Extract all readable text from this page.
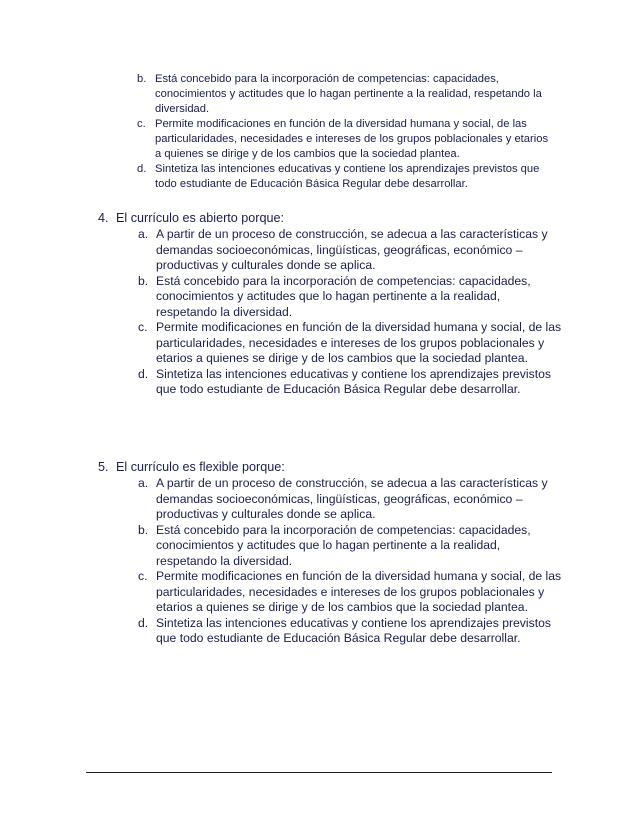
b. Está concebido para la incorporación de competencias: capacidades, conocimientos y actitudes que lo hagan pertinente a la realidad, respetando la diversidad.
c. Permite modificaciones en función de la diversidad humana y social, de las particularidades, necesidades e intereses de los grupos poblacionales y etarios a quienes se dirige y de los cambios que la sociedad plantea.
d. Sintetiza las intenciones educativas y contiene los aprendizajes previstos que todo estudiante de Educación Básica Regular debe desarrollar.
4. El currículo es abierto porque:
a. A partir de un proceso de construcción, se adecua a las características y demandas socioeconómicas, lingüísticas, geográficas, económico – productivas y culturales donde se aplica.
b. Está concebido para la incorporación de competencias: capacidades, conocimientos y actitudes que lo hagan pertinente a la realidad, respetando la diversidad.
c. Permite modificaciones en función de la diversidad humana y social, de las particularidades, necesidades e intereses de los grupos poblacionales y etarios a quienes se dirige y de los cambios que la sociedad plantea.
d. Sintetiza las intenciones educativas y contiene los aprendizajes previstos que todo estudiante de Educación Básica Regular debe desarrollar.
5. El currículo es flexible porque:
a. A partir de un proceso de construcción, se adecua a las características y demandas socioeconómicas, lingüísticas, geográficas, económico – productivas y culturales donde se aplica.
b. Está concebido para la incorporación de competencias: capacidades, conocimientos y actitudes que lo hagan pertinente a la realidad, respetando la diversidad.
c. Permite modificaciones en función de la diversidad humana y social, de las particularidades, necesidades e intereses de los grupos poblacionales y etarios a quienes se dirige y de los cambios que la sociedad plantea.
d. Sintetiza las intenciones educativas y contiene los aprendizajes previstos que todo estudiante de Educación Básica Regular debe desarrollar.
